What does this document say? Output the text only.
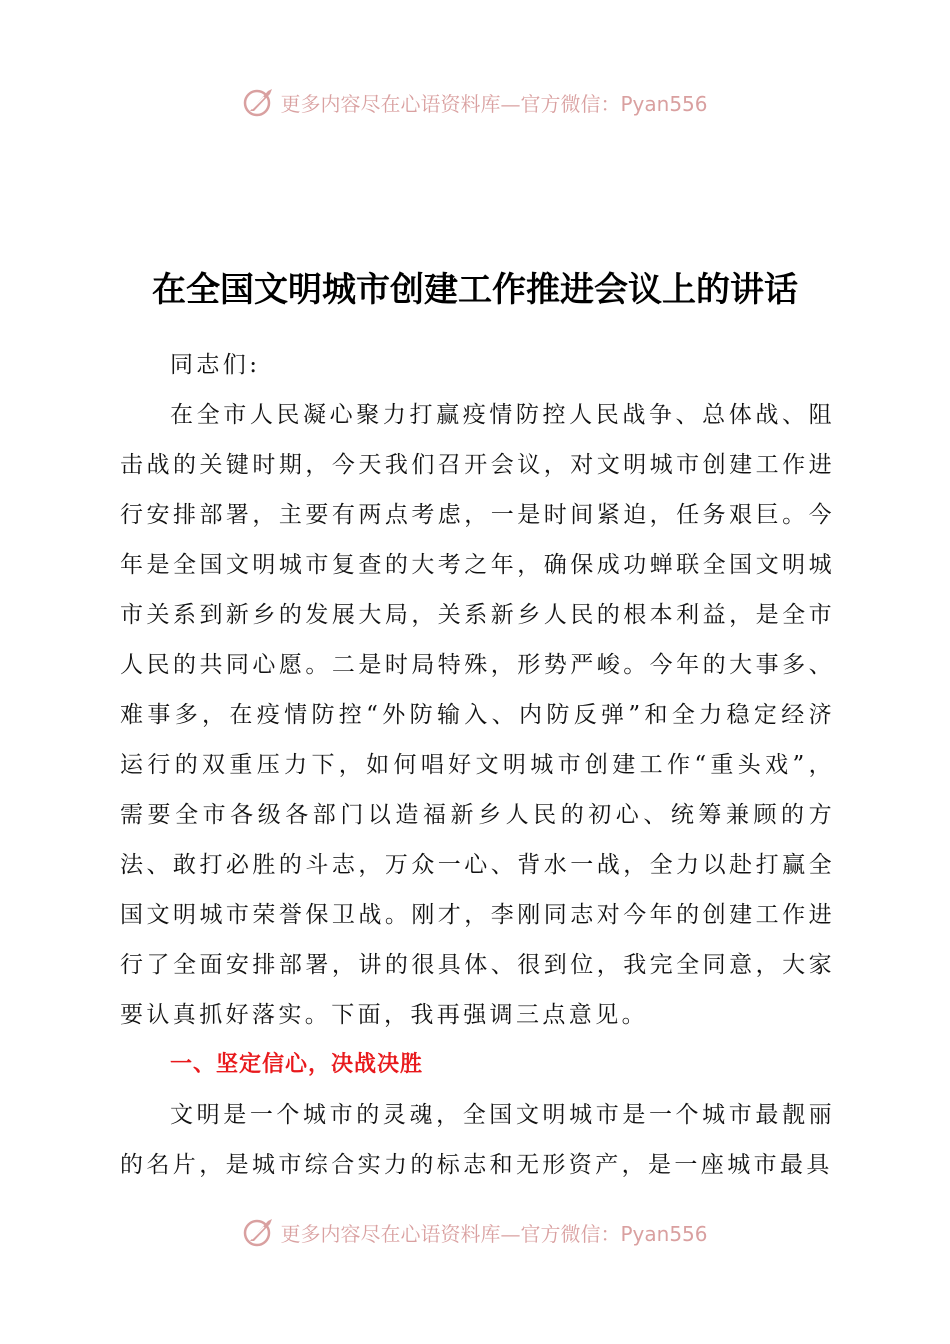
更多内容尽在心语资料库—官方微信：Pyan556
在全国文明城市创建工作推进会议上的讲话

同志们:

在全市人民凝心聚力打赢疫情防控人民战争、总体战、阻击战的关键时期，今天我们召开会议，对文明城市创建工作进行安排部署，主要有两点考虑，一是时间紧迫，任务艰巨。今年是全国文明城市复查的大考之年，确保成功蝉联全国文明城市关系到新乡的发展大局，关系新乡人民的根本利益，是全市人民的共同心愿。二是时局特殊，形势严峻。今年的大事多、难事多，在疫情防控“外防输入、内防反弹”和全力稳定经济运行的双重压力下，如何唱好文明城市创建工作“重头戏”，需要全市各级各部门以造福新乡人民的初心、统筹兼顾的方法、敢打必胜的斗志，万众一心、背水一战，全力以赴打赢全国文明城市荣誉保卫战。刚才，李刚同志对今年的创建工作进行了全面安排部署，讲的很具体、很到位，我完全同意，大家要认真抓好落实。下面，我再强调三点意见。

一、坚定信心，决战决胜

文明是一个城市的灵魂，全国文明城市是一个城市最靓丽的名片，是城市综合实力的标志和无形资产，是一座城市最具

更多内容尽在心语资料库—官方微信：Pyan556
